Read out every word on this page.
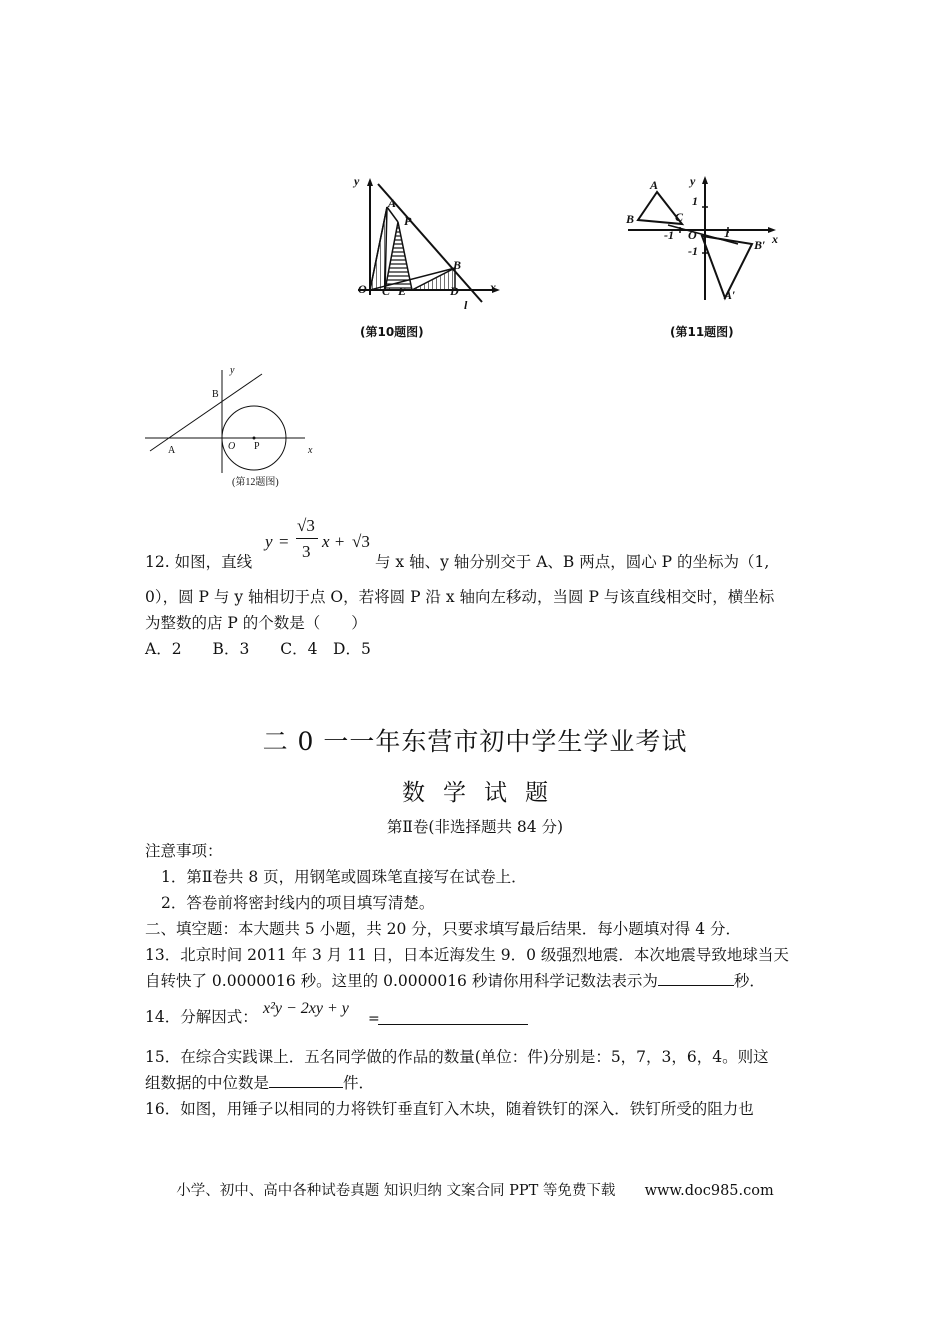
y
A
P
B
O C E	D	x
l
(第10题图)
A	y
1
B	C
-1 O 1	x
-1	B′
A′
(第11题图)
y
B
A	O P	x
(第12题图)
12. 如图，直线
y =
√3
3
x + √3
与 x 轴、y 轴分别交于 A、B 两点，圆心 P 的坐标为（1,
0），圆 P 与 y 轴相切于点 O，若将圆 P 沿 x 轴向左移动，当圆 P 与该直线相交时，横坐标
为整数的店 P 的个数是（　　）
A．2　　B．3　　C．4　D．5
二 0 一一年东营市初中学生学业考试
数学试题
第Ⅱ卷(非选择题共 84 分)
注意事项：
1．第Ⅱ卷共 8 页，用钢笔或圆珠笔直接写在试卷上．
2．答卷前将密封线内的项目填写清楚。
二、填空题：本大题共 5 小题，共 20 分，只要求填写最后结果．每小题填对得 4 分．
13．北京时间 2011 年 3 月 11 日，日本近海发生 9．0 级强烈地震．本次地震导致地球当天
自转快了 0.0000016 秒。这里的 0.0000016 秒请你用科学记数法表示为	秒．
14．分解因式： x²y − 2xy + y
=
15．在综合实践课上．五名同学做的作品的数量(单位：件)分别是：5，7，3，6，4。则这
组数据的中位数是	件．
16．如图，用锤子以相同的力将铁钉垂直钉入木块，随着铁钉的深入．铁钉所受的阻力也
小学、初中、高中各种试卷真题 知识归纳 文案合同 PPT 等免费下载 www.doc985.com
